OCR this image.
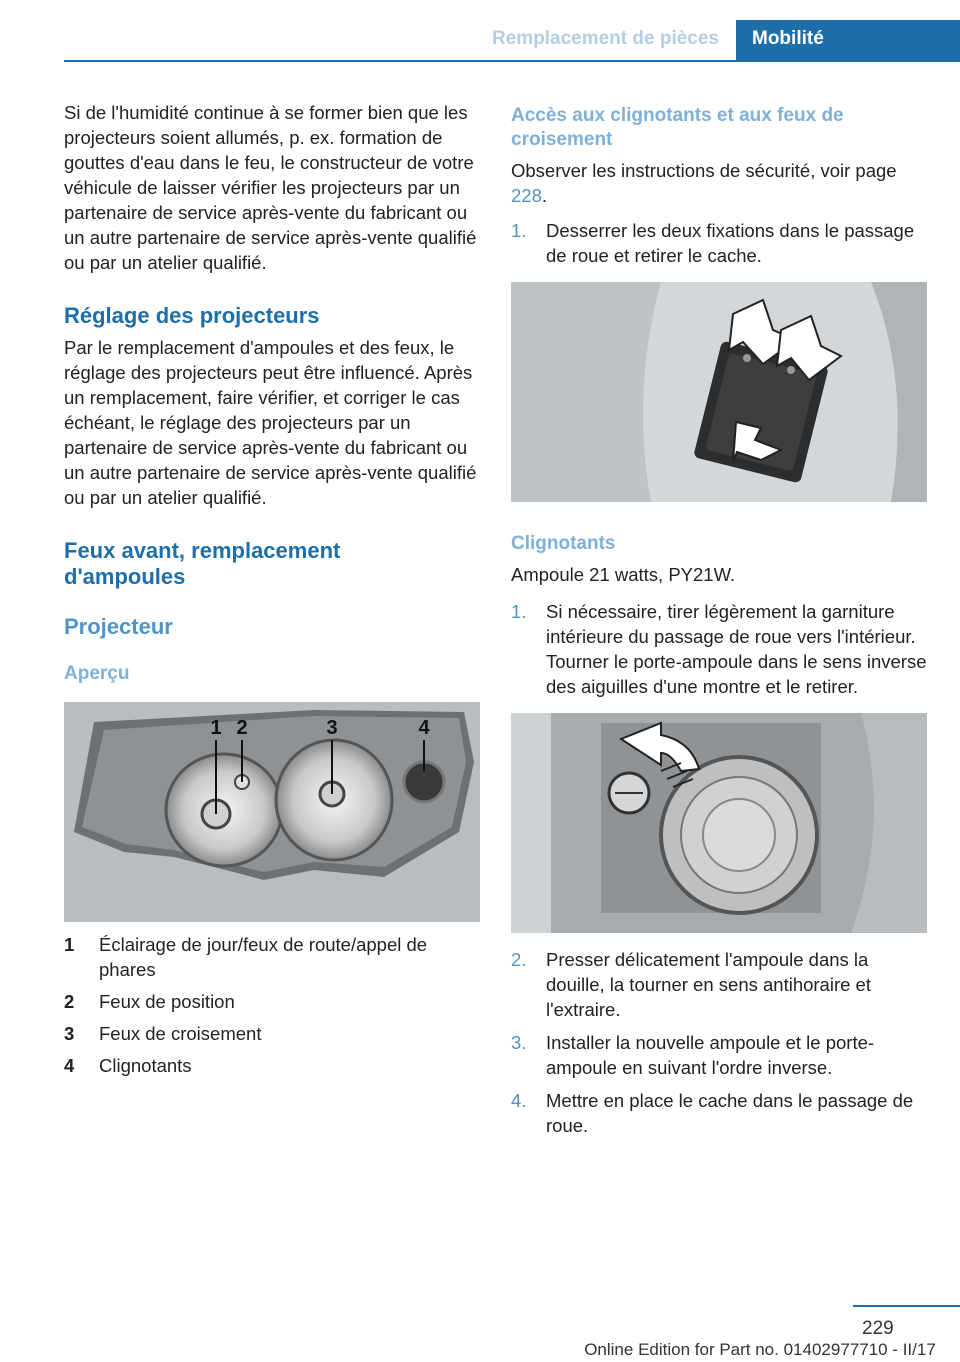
Remplacement de pièces	Mobilité

Si de l'humidité continue à se former bien que les projecteurs soient allumés, p. ex. formation de gouttes d'eau dans le feu, le constructeur de votre véhicule de laisser vérifier les projecteurs par un partenaire de service après-vente du fabricant ou un autre partenaire de service après-vente qualifié ou par un atelier qualifié.

Réglage des projecteurs

Par le remplacement d'ampoules et des feux, le réglage des projecteurs peut être influencé. Après un remplacement, faire vérifier, et corriger le cas échéant, le réglage des projecteurs par un partenaire de service après-vente du fabricant ou un autre partenaire de service après-vente qualifié ou par un atelier qualifié.

Feux avant, remplacement d'ampoules
Projecteur
Aperçu
1 2	3	4
1	Éclairage de jour/feux de route/appel de phares
2	Feux de position
3	Feux de croisement
4	Clignotants
Accès aux clignotants et aux feux de croisement

Observer les instructions de sécurité, voir page 228.

1.	Desserrer les deux fixations dans le passage de roue et retirer le cache.
Clignotants

Ampoule 21 watts, PY21W.

1.	Si nécessaire, tirer légèrement la garniture intérieure du passage de roue vers l'intérieur. Tourner le porte-ampoule dans le sens inverse des aiguilles d'une montre et le retirer.
2.	Presser délicatement l'ampoule dans la douille, la tourner en sens antihoraire et l'extraire.
3.	Installer la nouvelle ampoule et le porte-ampoule en suivant l'ordre inverse.
4.	Mettre en place le cache dans le passage de roue.
229
Online Edition for Part no. 01402977710 - II/17
